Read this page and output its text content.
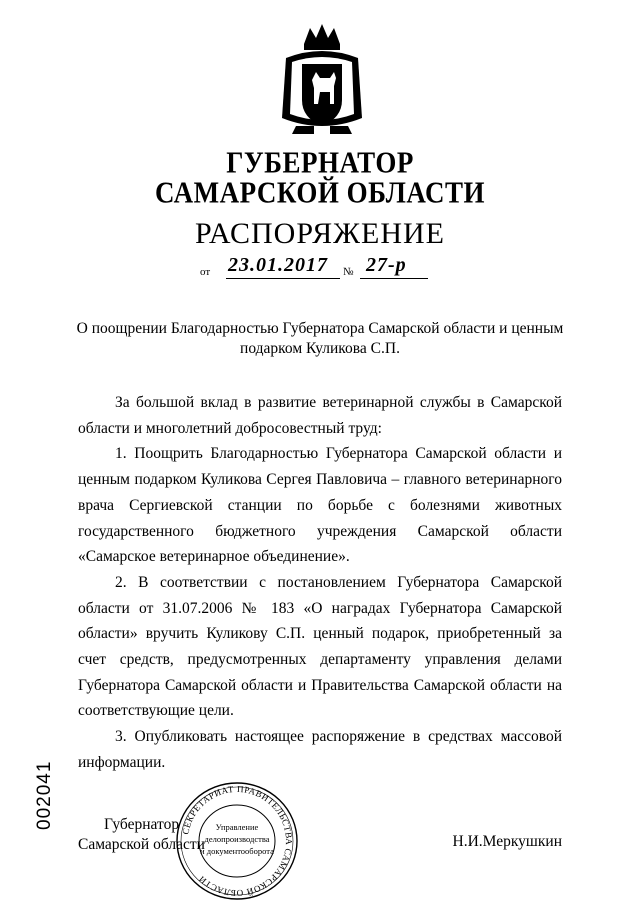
ГУБЕРНАТОР
САМАРСКОЙ ОБЛАСТИ
РАСПОРЯЖЕНИЕ
от 23.01.2017 № 27-р
О поощрении Благодарностью Губернатора Самарской области и ценным подарком Куликова С.П.

За большой вклад в развитие ветеринарной службы в Самарской области и многолетний добросовестный труд:

1. Поощрить Благодарностью Губернатора Самарской области и ценным подарком Куликова Сергея Павловича – главного ветеринарного врача Сергиевской станции по борьбе с болезнями животных государственного бюджетного учреждения Самарской области «Самарское ветеринарное объединение».

2. В соответствии с постановлением Губернатора Самарской области от 31.07.2006 № 183 «О наградах Губернатора Самарской области» вручить Куликову С.П. ценный подарок, приобретенный за счет средств, предусмотренных департаменту управления делами Губернатора Самарской области и Правительства Самарской области на соответствующие цели.

3. Опубликовать настоящее распоряжение в средствах массовой информации.

Губернатор
Самарской области	Н.И.Меркушкин
СЕКРЕТАРИАТ ПРАВИТЕЛЬСТВА САМАРСКОЙ ОБЛАСТИ
Управление
делопроизводства
и документооборота
002041
